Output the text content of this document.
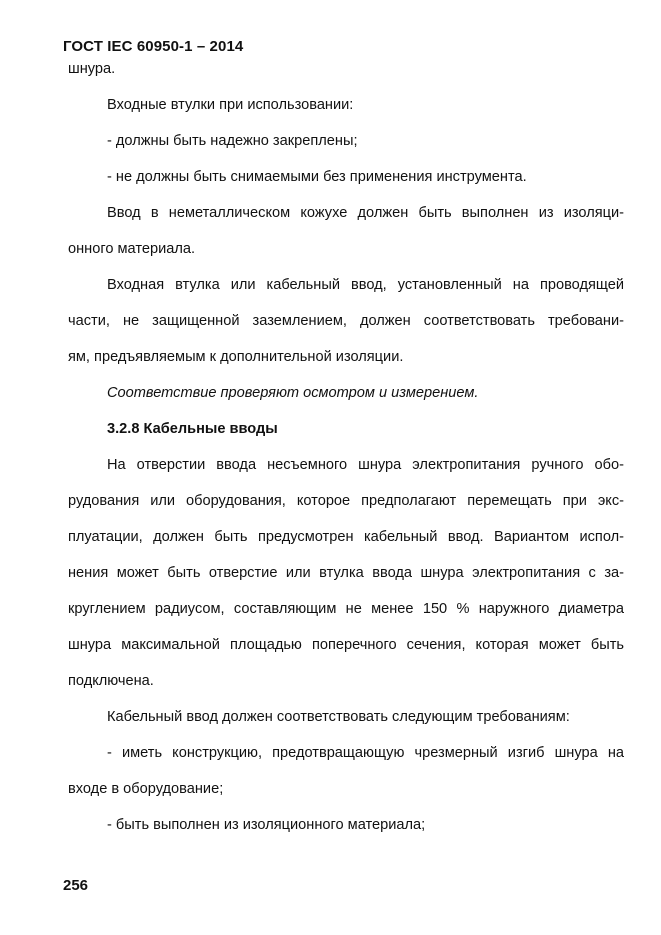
ГОСТ IEC 60950-1 – 2014
шнура.
Входные втулки при использовании:
- должны быть надежно закреплены;
- не должны быть снимаемыми без применения инструмента.
Ввод в неметаллическом кожухе должен быть выполнен из изоляци-
онного материала.
Входная втулка или кабельный ввод, установленный на проводящей
части, не защищенной заземлением, должен соответствовать требовани-
ям, предъявляемым к дополнительной изоляции.
Соответствие проверяют осмотром и измерением.
3.2.8 Кабельные вводы
На отверстии ввода несъемного шнура электропитания ручного обо-
рудования или оборудования, которое предполагают перемещать при экс-
плуатации, должен быть предусмотрен кабельный ввод. Вариантом испол-
нения может быть отверстие или втулка ввода шнура электропитания с за-
круглением радиусом, составляющим не менее 150 % наружного диаметра
шнура максимальной площадью поперечного сечения, которая может быть
подключена.
Кабельный ввод должен соответствовать следующим требованиям:
- иметь конструкцию, предотвращающую чрезмерный изгиб шнура на
входе в оборудование;
- быть выполнен из изоляционного материала;
256
